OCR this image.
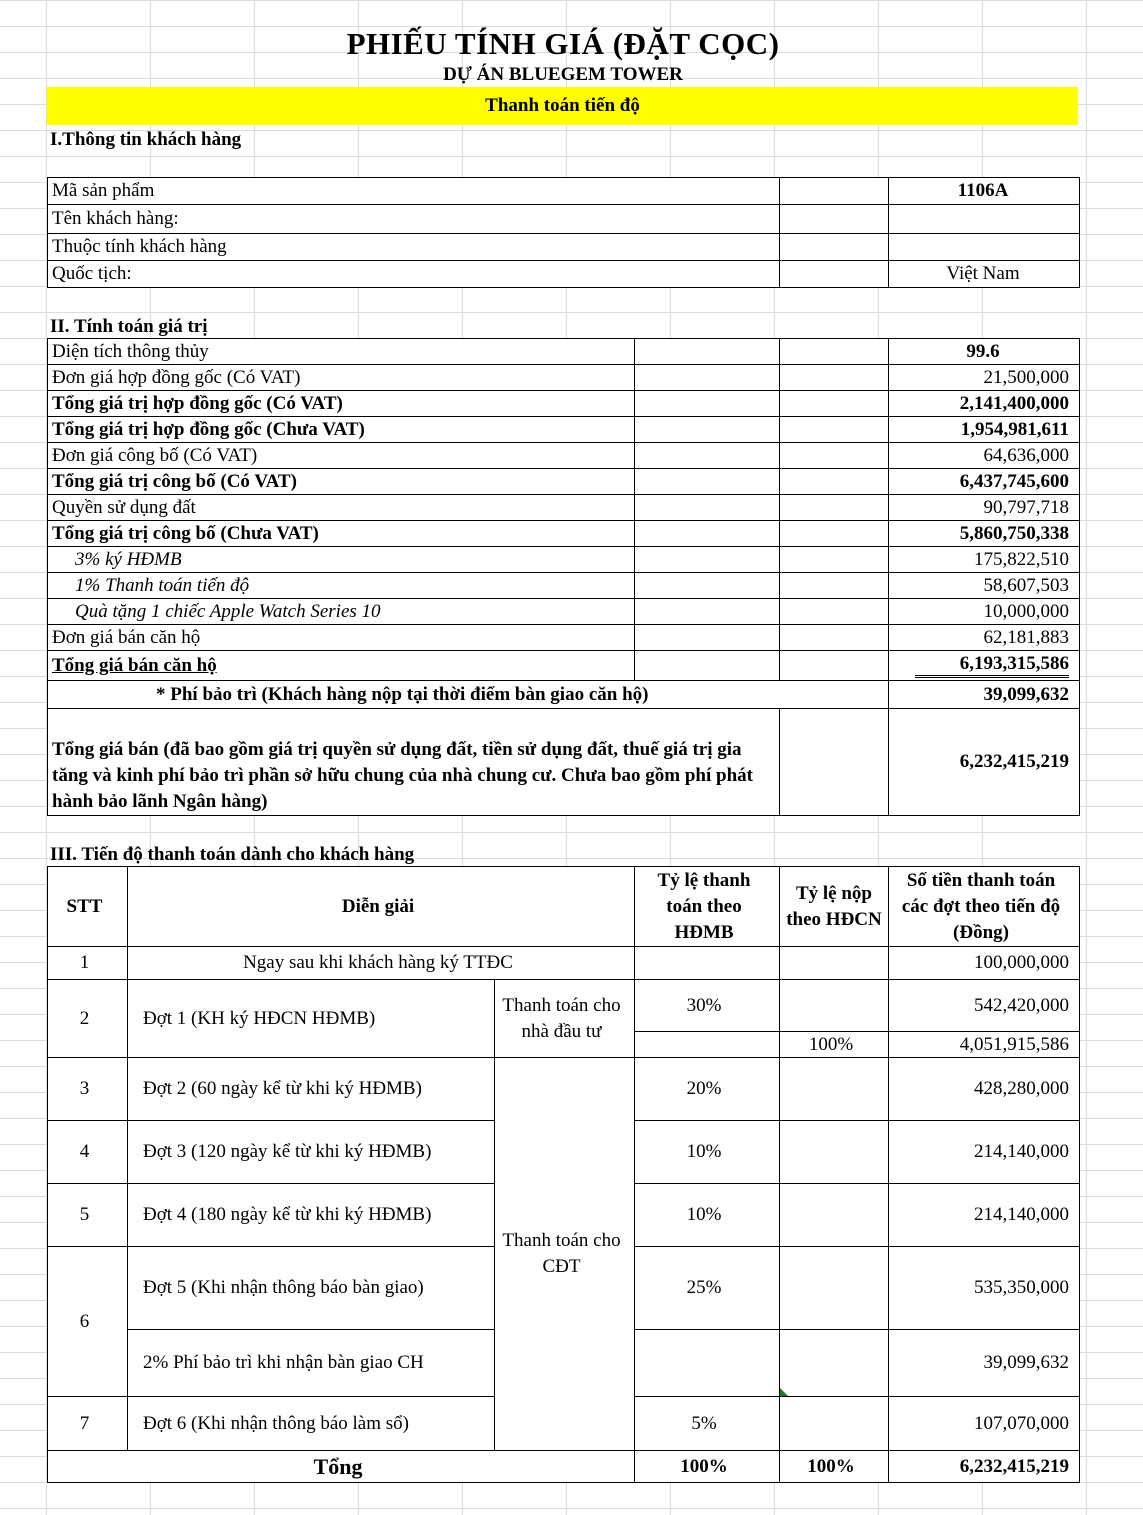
PHIẾU TÍNH GIÁ (ĐẶT CỌC)
DỰ ÁN BLUEGEM TOWER
Thanh toán tiến độ
I.Thông tin khách hàng
Mã sản phẩm		1106A
Tên khách hàng:		
Thuộc tính khách hàng		
Quốc tịch:		Việt Nam
II. Tính toán giá trị
Diện tích thông thủy			99.6
Đơn giá hợp đồng gốc (Có VAT)			21,500,000
Tổng giá trị hợp đồng gốc (Có VAT)			2,141,400,000
Tổng giá trị hợp đồng gốc (Chưa VAT)			1,954,981,611
Đơn giá công bố (Có VAT)			64,636,000
Tổng giá trị công bố (Có VAT)			6,437,745,600
Quyền sử dụng đất			90,797,718
Tổng giá trị công bố (Chưa VAT)			5,860,750,338
3% ký HĐMB			175,822,510
1% Thanh toán tiến độ			58,607,503
Quà tặng 1 chiếc Apple Watch Series 10			10,000,000
Đơn giá bán căn hộ			62,181,883
Tổng giá bán căn hộ			6,193,315,586
* Phí bảo trì (Khách hàng nộp tại thời điểm bàn giao căn hộ)			39,099,632
Tổng giá bán (đã bao gồm giá trị quyền sử dụng đất, tiền sử dụng đất, thuế giá trị gia tăng và kinh phí bảo trì phần sở hữu chung của nhà chung cư. Chưa bao gồm phí phát hành bảo lãnh Ngân hàng)			6,232,415,219
III. Tiến độ thanh toán dành cho khách hàng
STT	Diễn giải		Tỷ lệ thanh toán theo HĐMB	Tỷ lệ nộp theo HĐCN	Số tiền thanh toán các đợt theo tiến độ (Đồng)
1	Ngay sau khi khách hàng ký TTĐC				100,000,000
2	Đợt 1 (KH ký HĐCN HĐMB)	Thanh toán cho nhà đầu tư	30%		542,420,000
				100%	4,051,915,586
3	Đợt 2 (60 ngày kể từ khi ký HĐMB)	Thanh toán cho CĐT	20%		428,280,000
4	Đợt 3 (120 ngày kể từ khi ký HĐMB)		10%		214,140,000
5	Đợt 4 (180 ngày kể từ khi ký HĐMB)		10%		214,140,000
6	Đợt 5 (Khi nhận thông báo bàn giao)		25%		535,350,000
	2% Phí bảo trì khi nhận bàn giao CH				39,099,632
7	Đợt 6 (Khi nhận thông báo làm sổ)		5%		107,070,000
Tổng			100%	100%	6,232,415,219
